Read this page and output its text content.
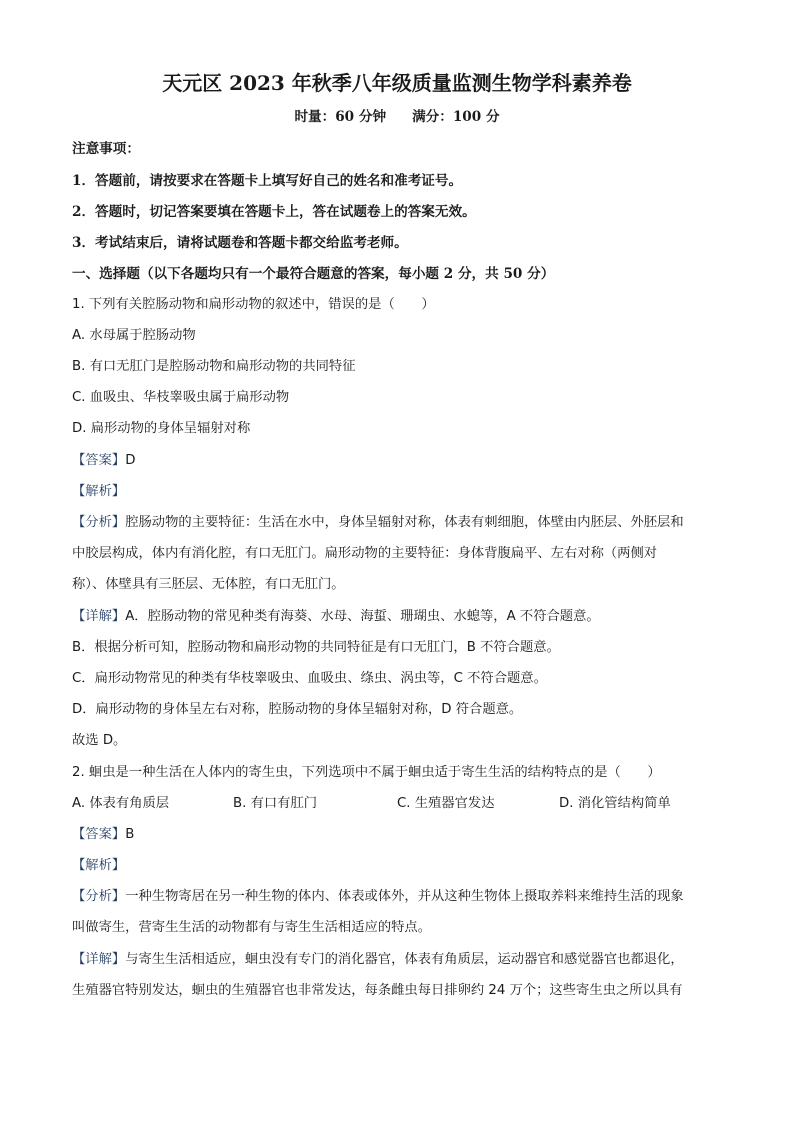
天元区 2023 年秋季八年级质量监测生物学科素养卷
时量：60 分钟 满分：100 分
注意事项：
1．答题前，请按要求在答题卡上填写好自己的姓名和准考证号。
2．答题时，切记答案要填在答题卡上，答在试题卷上的答案无效。
3．考试结束后，请将试题卷和答题卡都交给监考老师。
一、选择题（以下各题均只有一个最符合题意的答案，每小题 2 分，共 50 分）
1. 下列有关腔肠动物和扁形动物的叙述中，错误的是（　　）
A. 水母属于腔肠动物
B. 有口无肛门是腔肠动物和扁形动物的共同特征
C. 血吸虫、华枝睾吸虫属于扁形动物
D. 扁形动物的身体呈辐射对称
【答案】D
【解析】
【分析】腔肠动物的主要特征：生活在水中，身体呈辐射对称，体表有刺细胞，体壁由内胚层、外胚层和
中胶层构成，体内有消化腔，有口无肛门。扁形动物的主要特征：身体背腹扁平、左右对称（两侧对
称）、体壁具有三胚层、无体腔，有口无肛门。
【详解】A．腔肠动物的常见种类有海葵、水母、海蜇、珊瑚虫、水螅等，A 不符合题意。
B．根据分析可知，腔肠动物和扁形动物的共同特征是有口无肛门，B 不符合题意。
C．扁形动物常见的种类有华枝睾吸虫、血吸虫、绦虫、涡虫等，C 不符合题意。
D．扁形动物的身体呈左右对称，腔肠动物的身体呈辐射对称，D 符合题意。
故选 D。
2. 蛔虫是一种生活在人体内的寄生虫，下列选项中不属于蛔虫适于寄生生活的结构特点的是（　　）
A. 体表有角质层	B. 有口有肛门	C. 生殖器官发达	D. 消化管结构简单
【答案】B
【解析】
【分析】一种生物寄居在另一种生物的体内、体表或体外，并从这种生物体上摄取养料来维持生活的现象
叫做寄生，营寄生生活的动物都有与寄生生活相适应的特点。
【详解】与寄生生活相适应，蛔虫没有专门的消化器官，体表有角质层，运动器官和感觉器官也都退化，
生殖器官特别发达，蛔虫的生殖器官也非常发达，每条雌虫每日排卵约 24 万个；这些寄生虫之所以具有
